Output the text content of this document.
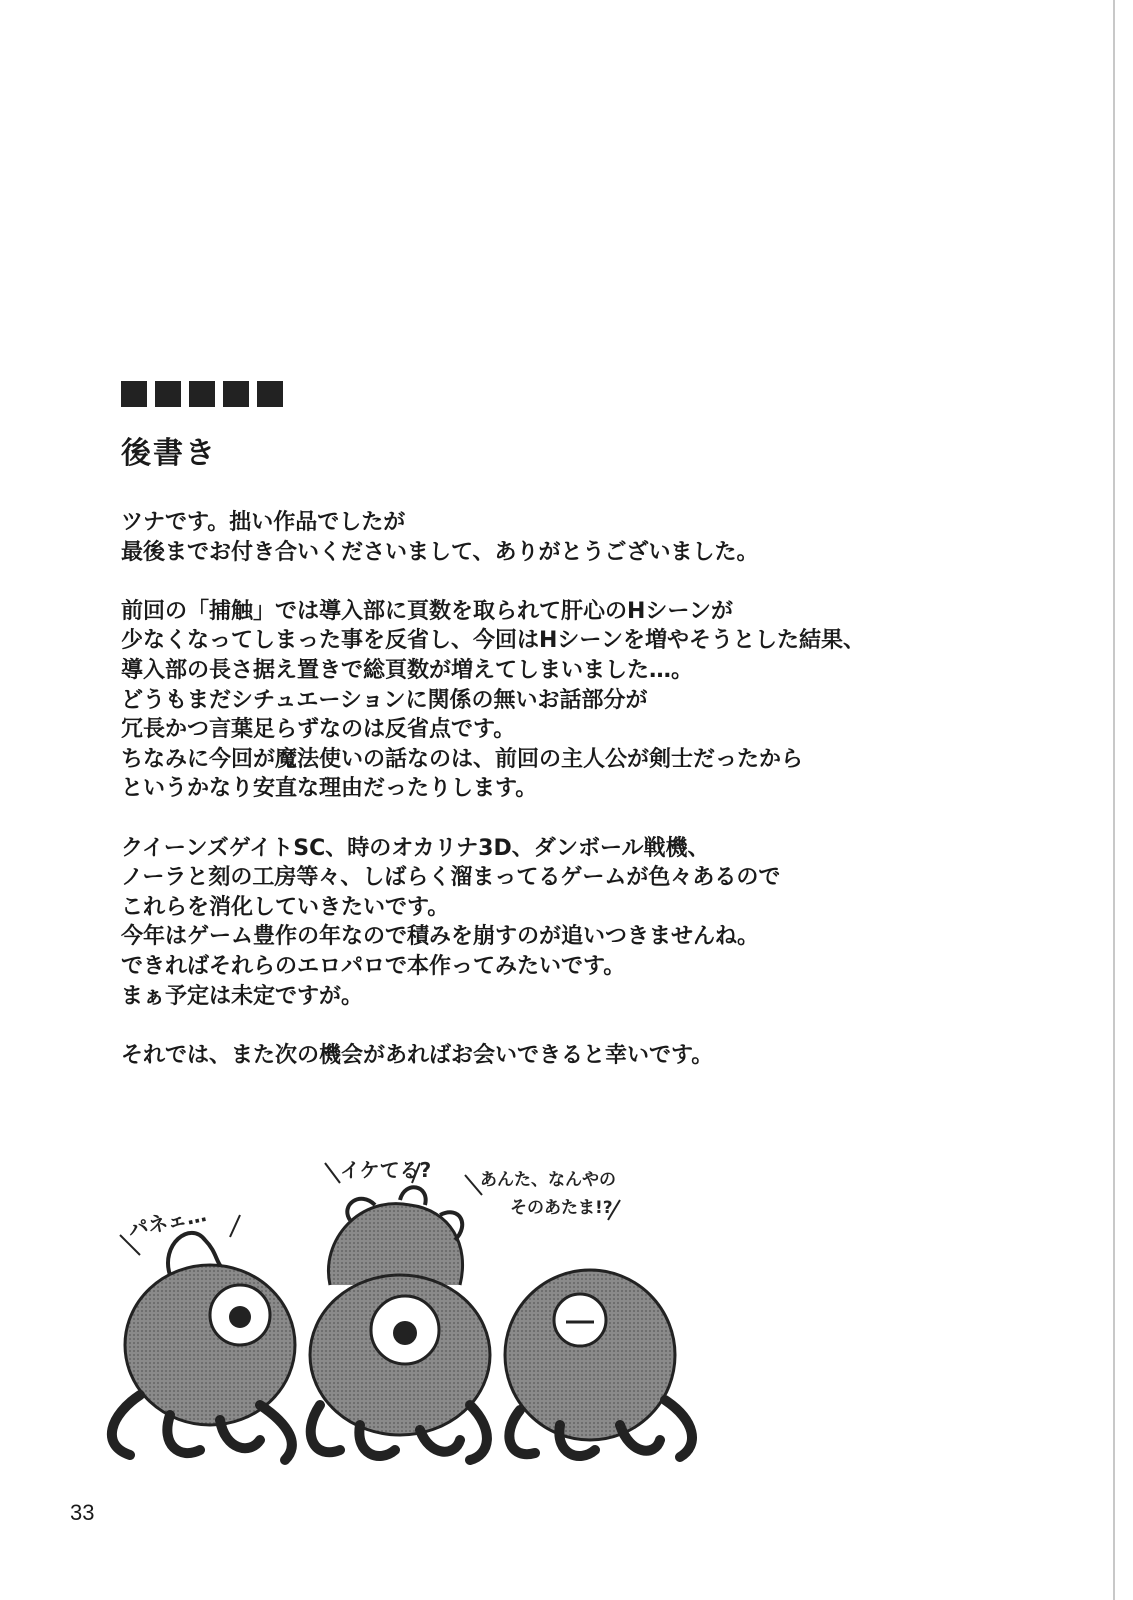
後書き

ツナです。拙い作品でしたが
最後までお付き合いくださいまして、ありがとうございました。

前回の「捕触」では導入部に頁数を取られて肝心のHシーンが
少なくなってしまった事を反省し、今回はHシーンを増やそうとした結果、
導入部の長さ据え置きで総頁数が増えてしまいました…。
どうもまだシチュエーションに関係の無いお話部分が
冗長かつ言葉足らずなのは反省点です。
ちなみに今回が魔法使いの話なのは、前回の主人公が剣士だったから
というかなり安直な理由だったりします。

クイーンズゲイトSC、時のオカリナ3D、ダンボール戦機、
ノーラと刻の工房等々、しばらく溜まってるゲームが色々あるので
これらを消化していきたいです。
今年はゲーム豊作の年なので積みを崩すのが追いつきませんね。
できればそれらのエロパロで本作ってみたいです。
まぁ予定は未定ですが。

それでは、また次の機会があればお会いできると幸いです。

パネェ…
イケてる?	あんた、なんやの
そのあたま!?
33
